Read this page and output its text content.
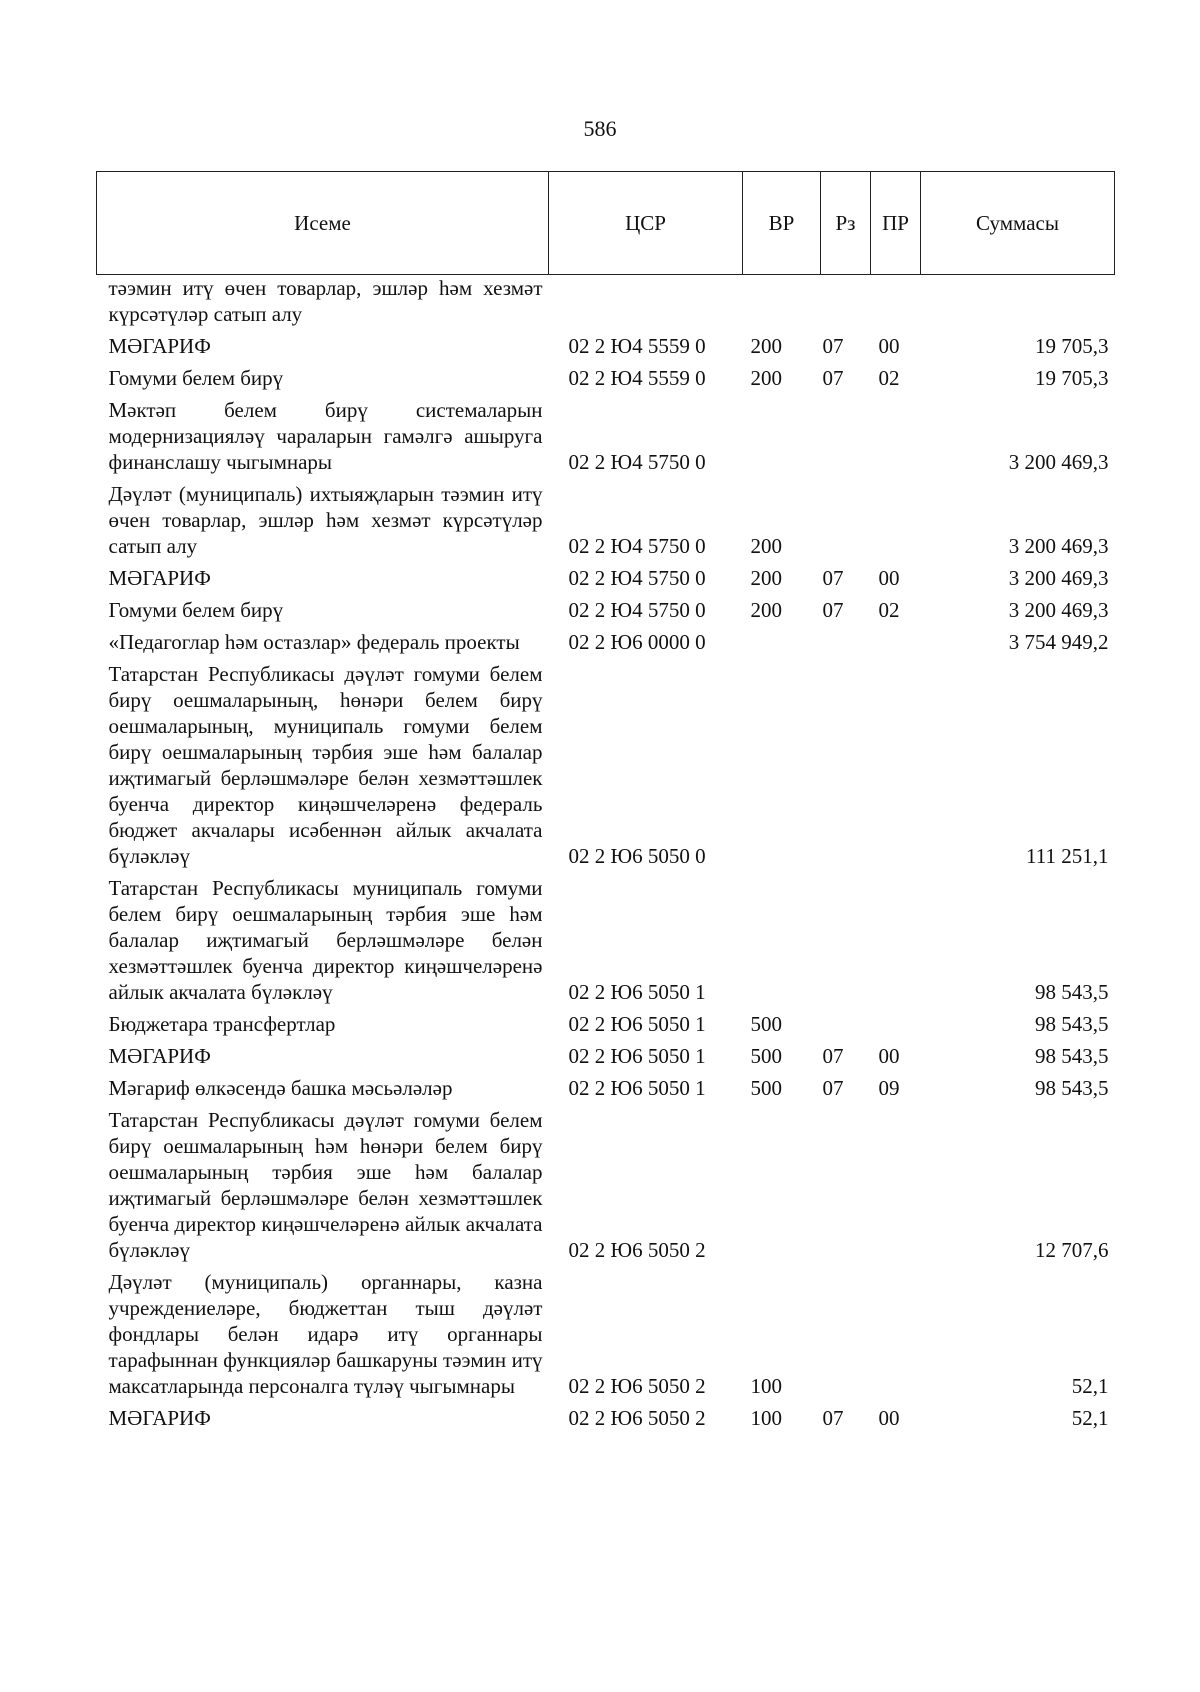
586
Исеме	ЦСР	ВР	Рз	ПР	Суммасы
тәэмин итү өчен товарлар, эшләр һәм хезмәт күрсәтүләр сатып алу					
МӘГАРИФ	02 2 Ю4 5559 0	200	07	00	19 705,3
Гомуми белем бирү	02 2 Ю4 5559 0	200	07	02	19 705,3
Мәктәп белем бирү системаларын модернизацияләү чараларын гамәлгә ашыруга финанслашу чыгымнары	02 2 Ю4 5750 0				3 200 469,3
Дәүләт (муниципаль) ихтыяҗларын тәэмин итү өчен товарлар, эшләр һәм хезмәт күрсәтүләр сатып алу	02 2 Ю4 5750 0	200			3 200 469,3
МӘГАРИФ	02 2 Ю4 5750 0	200	07	00	3 200 469,3
Гомуми белем бирү	02 2 Ю4 5750 0	200	07	02	3 200 469,3
«Педагоглар һәм остазлар» федераль проекты	02 2 Ю6 0000 0				3 754 949,2
Татарстан Республикасы дәүләт гомуми белем бирү оешмаларының, һөнәри белем бирү оешмаларының, муниципаль гомуми белем бирү оешмаларының тәрбия эше һәм балалар иҗтимагый берләшмәләре белән хезмәттәшлек буенча директор киңәшчеләренә федераль бюджет акчалары исәбеннән айлык акчалата бүләкләү	02 2 Ю6 5050 0				111 251,1
Татарстан Республикасы муниципаль гомуми белем бирү оешмаларының тәрбия эше һәм балалар иҗтимагый берләшмәләре белән хезмәттәшлек буенча директор киңәшчеләренә айлык акчалата бүләкләү	02 2 Ю6 5050 1				98 543,5
Бюджетара трансфертлар	02 2 Ю6 5050 1	500			98 543,5
МӘГАРИФ	02 2 Ю6 5050 1	500	07	00	98 543,5
Мәгариф өлкәсендә башка мәсьәләләр	02 2 Ю6 5050 1	500	07	09	98 543,5
Татарстан Республикасы дәүләт гомуми белем бирү оешмаларының һәм һөнәри белем бирү оешмаларының тәрбия эше һәм балалар иҗтимагый берләшмәләре белән хезмәттәшлек буенча директор киңәшчеләренә айлык акчалата бүләкләү	02 2 Ю6 5050 2				12 707,6
Дәүләт (муниципаль) органнары, казна учреждениеләре, бюджеттан тыш дәүләт фондлары белән идарә итү органнары тарафыннан функцияләр башкаруны тәэмин итү максатларында персоналга түләү чыгымнары	02 2 Ю6 5050 2	100			52,1
МӘГАРИФ	02 2 Ю6 5050 2	100	07	00	52,1
